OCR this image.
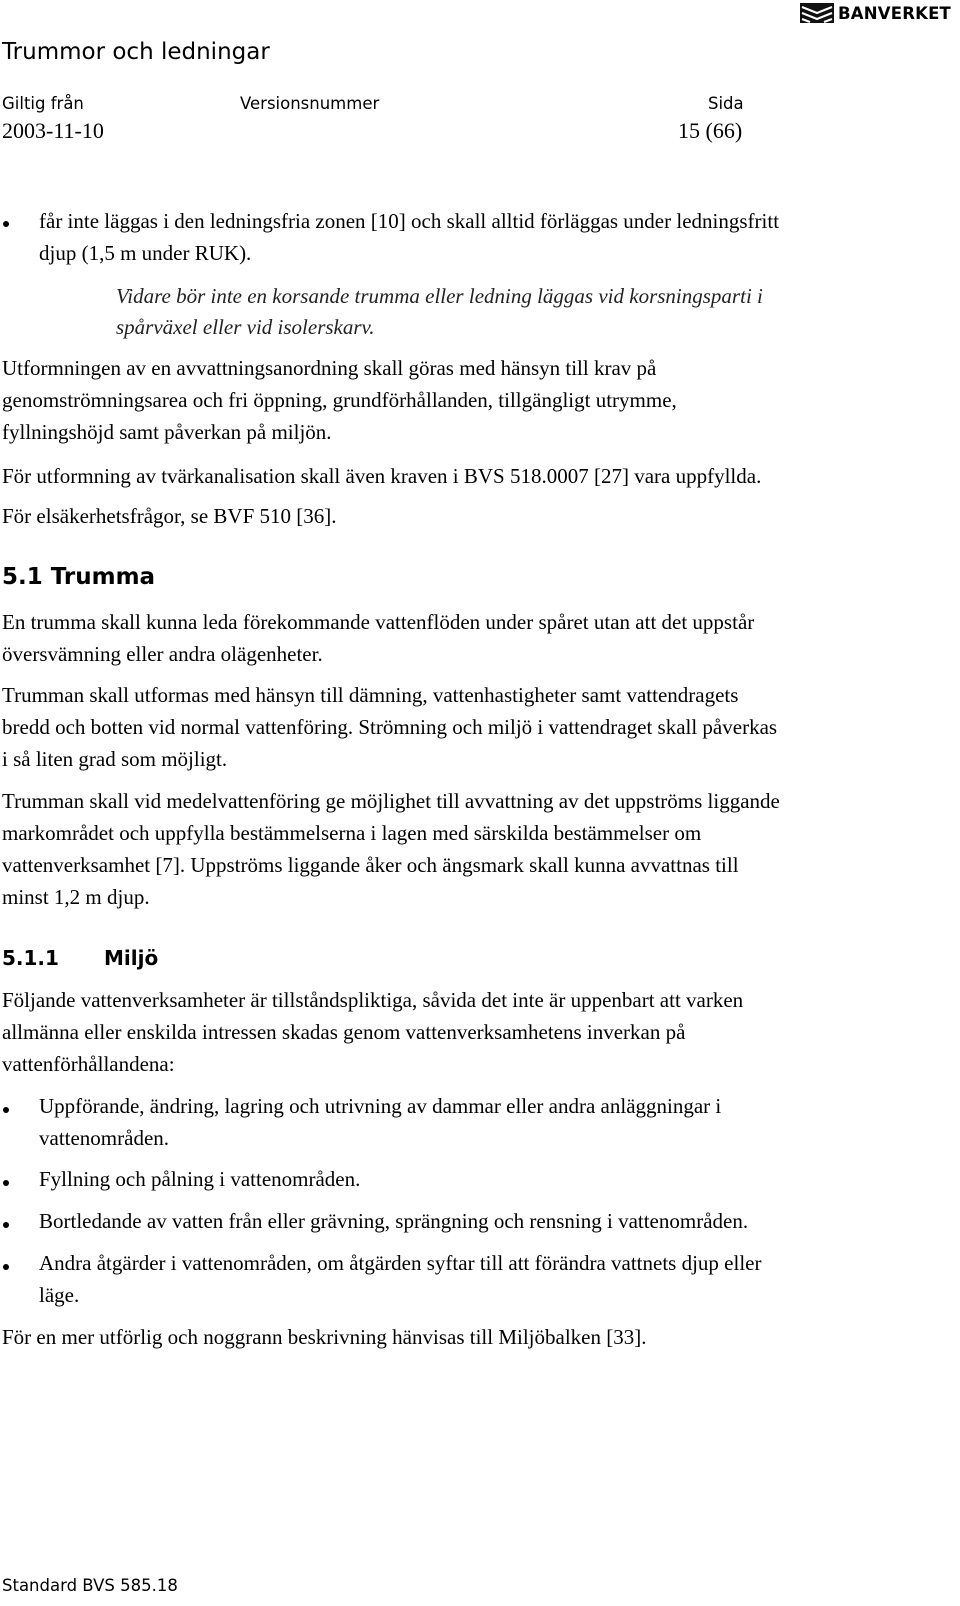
BANVERKET
Trummor och ledningar
Giltig från	Versionsnummer	Sida
2003-11-10	15 (66)
får inte läggas i den ledningsfria zonen [10] och skall alltid förläggas under ledningsfritt
djup (1,5 m under RUK).
Vidare bör inte en korsande trumma eller ledning läggas vid korsningsparti i
spårväxel eller vid isolerskarv.
Utformningen av en avvattningsanordning skall göras med hänsyn till krav på
genomströmningsarea och fri öppning, grundförhållanden, tillgängligt utrymme,
fyllningshöjd samt påverkan på miljön.
För utformning av tvärkanalisation skall även kraven i BVS 518.0007 [27] vara uppfyllda.
För elsäkerhetsfrågor, se BVF 510 [36].
5.1 Trumma
En trumma skall kunna leda förekommande vattenflöden under spåret utan att det uppstår
översvämning eller andra olägenheter.
Trumman skall utformas med hänsyn till dämning, vattenhastigheter samt vattendragets
bredd och botten vid normal vattenföring. Strömning och miljö i vattendraget skall påverkas
i så liten grad som möjligt.
Trumman skall vid medelvattenföring ge möjlighet till avvattning av det uppströms liggande
markområdet och uppfylla bestämmelserna i lagen med särskilda bestämmelser om
vattenverksamhet [7]. Uppströms liggande åker och ängsmark skall kunna avvattnas till
minst 1,2 m djup.
5.1.1 Miljö
Följande vattenverksamheter är tillståndspliktiga, såvida det inte är uppenbart att varken
allmänna eller enskilda intressen skadas genom vattenverksamhetens inverkan på
vattenförhållandena:
Uppförande, ändring, lagring och utrivning av dammar eller andra anläggningar i
vattenområden.
Fyllning och pålning i vattenområden.
Bortledande av vatten från eller grävning, sprängning och rensning i vattenområden.
Andra åtgärder i vattenområden, om åtgärden syftar till att förändra vattnets djup eller
läge.
För en mer utförlig och noggrann beskrivning hänvisas till Miljöbalken [33].
Standard BVS 585.18
